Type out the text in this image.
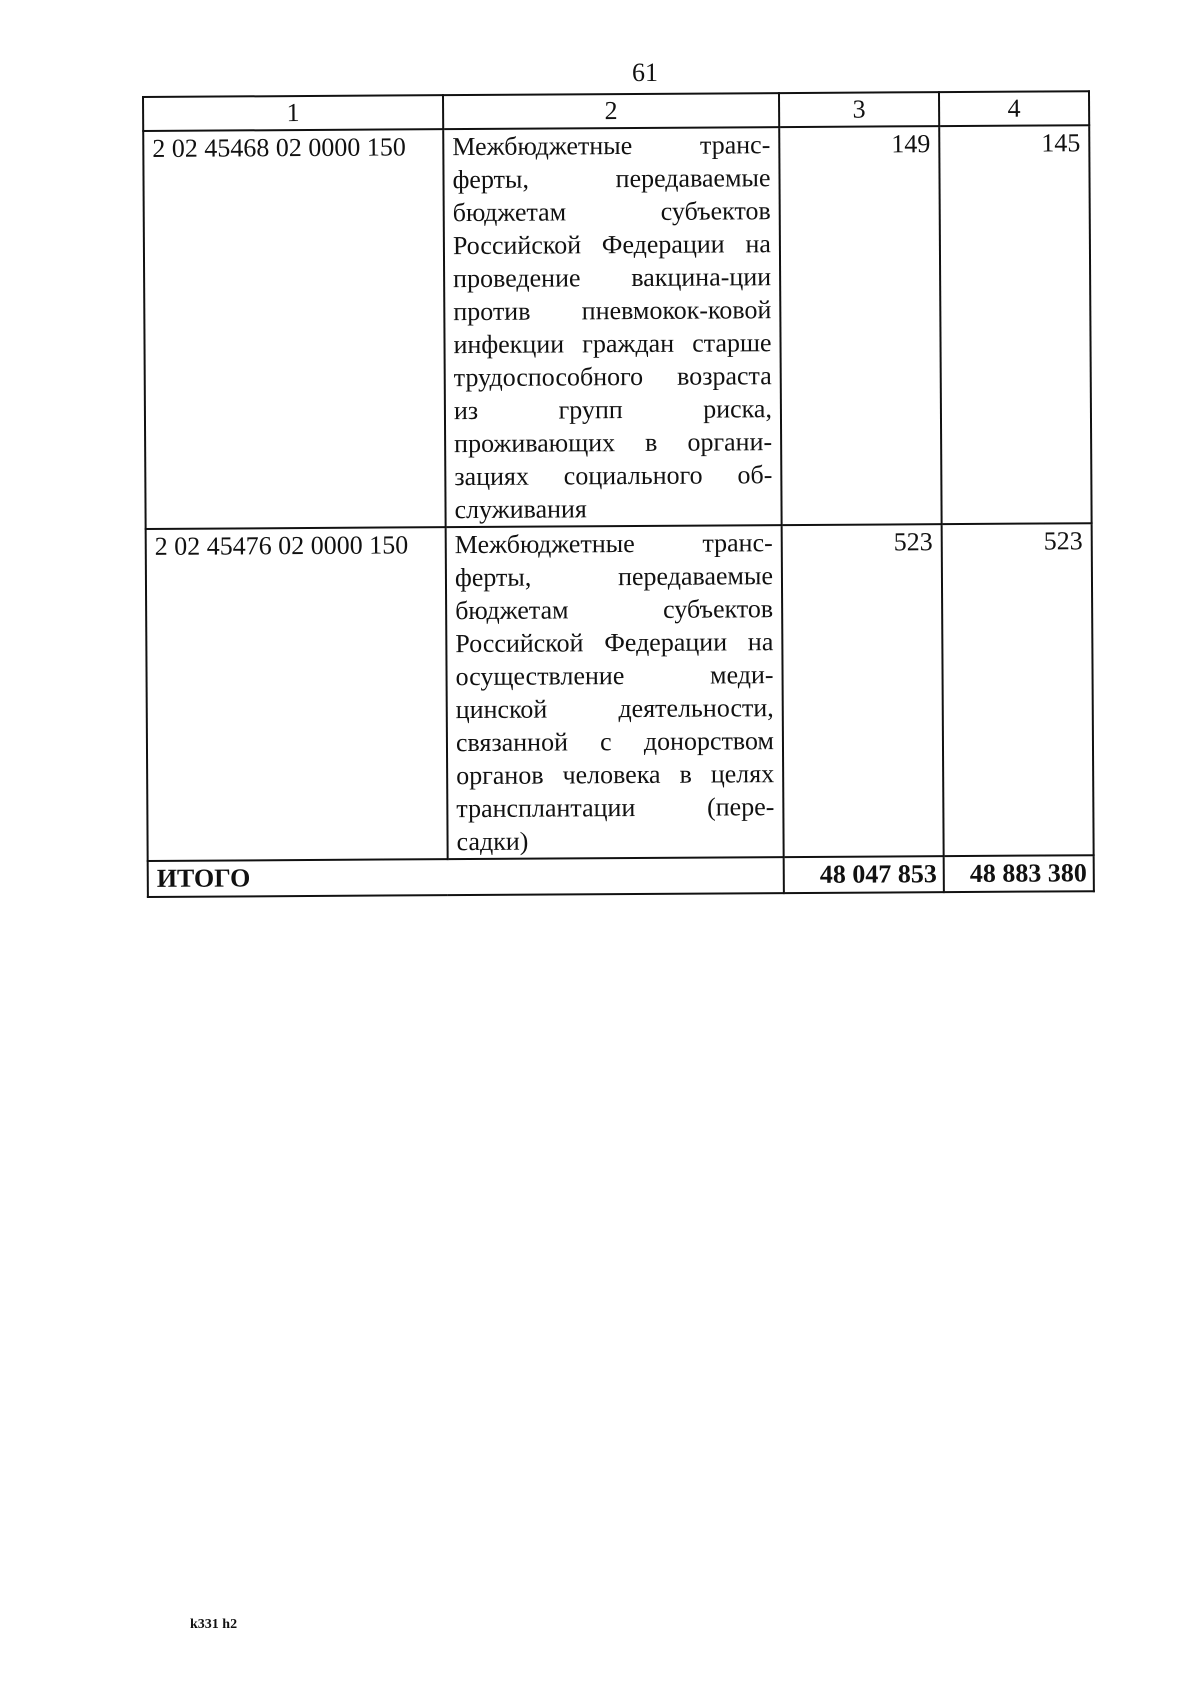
61
1	2	3	4
2 02 45468 02 0000 150	Межбюджетные транс-ферты, передаваемые бюджетам субъектов Российской Федерации на проведение вакцина-ции против пневмокок-ковой инфекции граждан старше трудоспособного возраста из групп риска, проживающих в органи-зациях социального об-служивания	149	145
2 02 45476 02 0000 150	Межбюджетные транс-ферты, передаваемые бюджетам субъектов Российской Федерации на осуществление меди-цинской деятельности, связанной с донорством органов человека в целях трансплантации (пере-садки)	523	523
ИТОГО		48 047 853	48 883 380
k331 h2
